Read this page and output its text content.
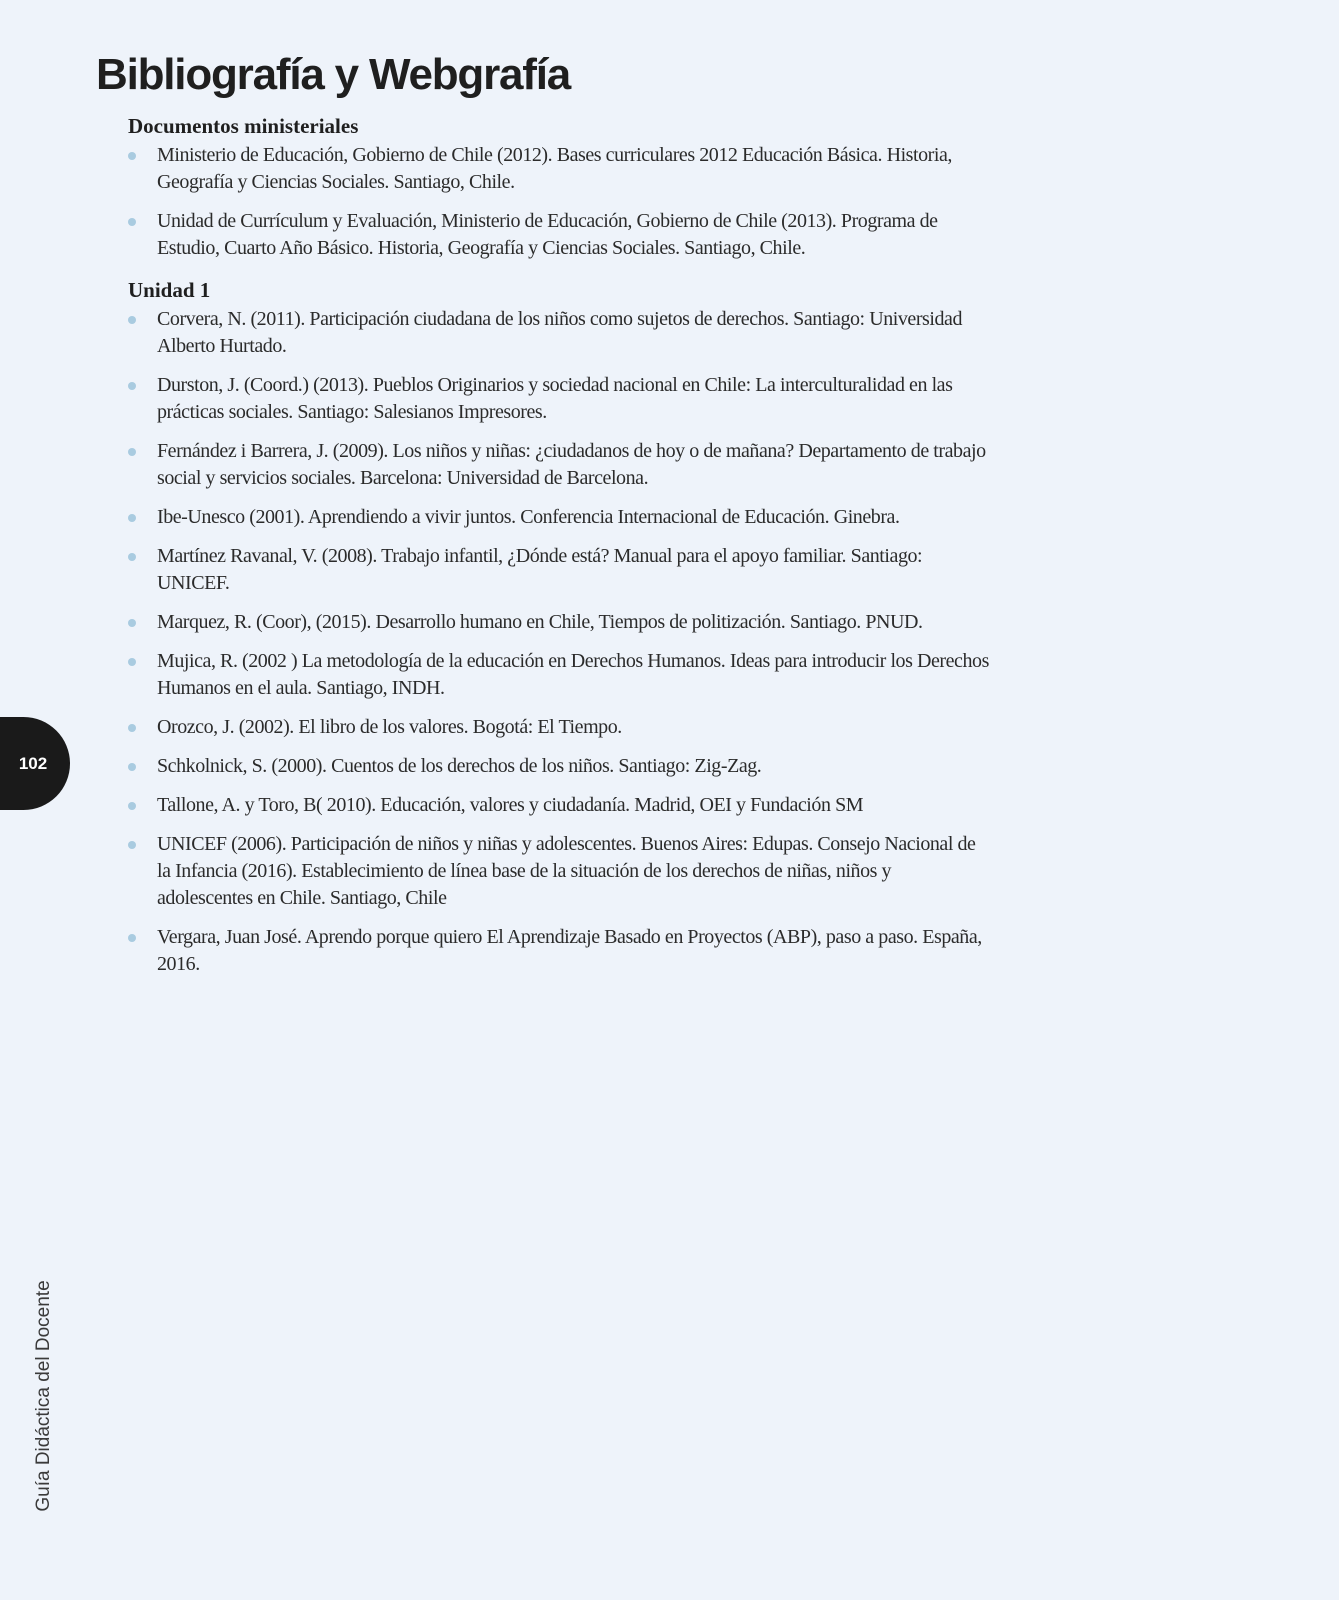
Bibliografía y Webgrafía
Documentos ministeriales
Ministerio de Educación, Gobierno de Chile (2012). Bases curriculares 2012 Educación Básica. Historia, Geografía y Ciencias Sociales. Santiago, Chile.
Unidad de Currículum y Evaluación, Ministerio de Educación, Gobierno de Chile (2013). Programa de Estudio, Cuarto Año Básico. Historia, Geografía y Ciencias Sociales. Santiago, Chile.
Unidad 1
Corvera, N. (2011). Participación ciudadana de los niños como sujetos de derechos. Santiago: Universidad Alberto Hurtado.
Durston, J. (Coord.) (2013). Pueblos Originarios y sociedad nacional en Chile: La interculturalidad en las prácticas sociales. Santiago: Salesianos Impresores.
Fernández i Barrera, J. (2009). Los niños y niñas: ¿ciudadanos de hoy o de mañana? Departamento de trabajo social y servicios sociales. Barcelona: Universidad de Barcelona.
Ibe-Unesco (2001). Aprendiendo a vivir juntos. Conferencia Internacional de Educación. Ginebra.
Martínez Ravanal, V. (2008). Trabajo infantil, ¿Dónde está? Manual para el apoyo familiar. Santiago: UNICEF.
Marquez, R. (Coor), (2015). Desarrollo humano en Chile, Tiempos de politización. Santiago. PNUD.
Mujica, R. (2002 ) La metodología de la educación en Derechos Humanos. Ideas para introducir los Derechos Humanos en el aula. Santiago, INDH.
Orozco, J. (2002). El libro de los valores. Bogotá: El Tiempo.
Schkolnick, S. (2000). Cuentos de los derechos de los niños. Santiago: Zig-Zag.
Tallone, A. y Toro, B( 2010). Educación, valores y ciudadanía. Madrid, OEI y Fundación SM
UNICEF (2006). Participación de niños y niñas y adolescentes. Buenos Aires: Edupas. Consejo Nacional de la Infancia (2016). Establecimiento de línea base de la situación de los derechos de niñas, niños y adolescentes en Chile. Santiago, Chile
Vergara, Juan José. Aprendo porque quiero El Aprendizaje Basado en Proyectos (ABP), paso a paso. España, 2016.
102
Guía Didáctica del Docente
